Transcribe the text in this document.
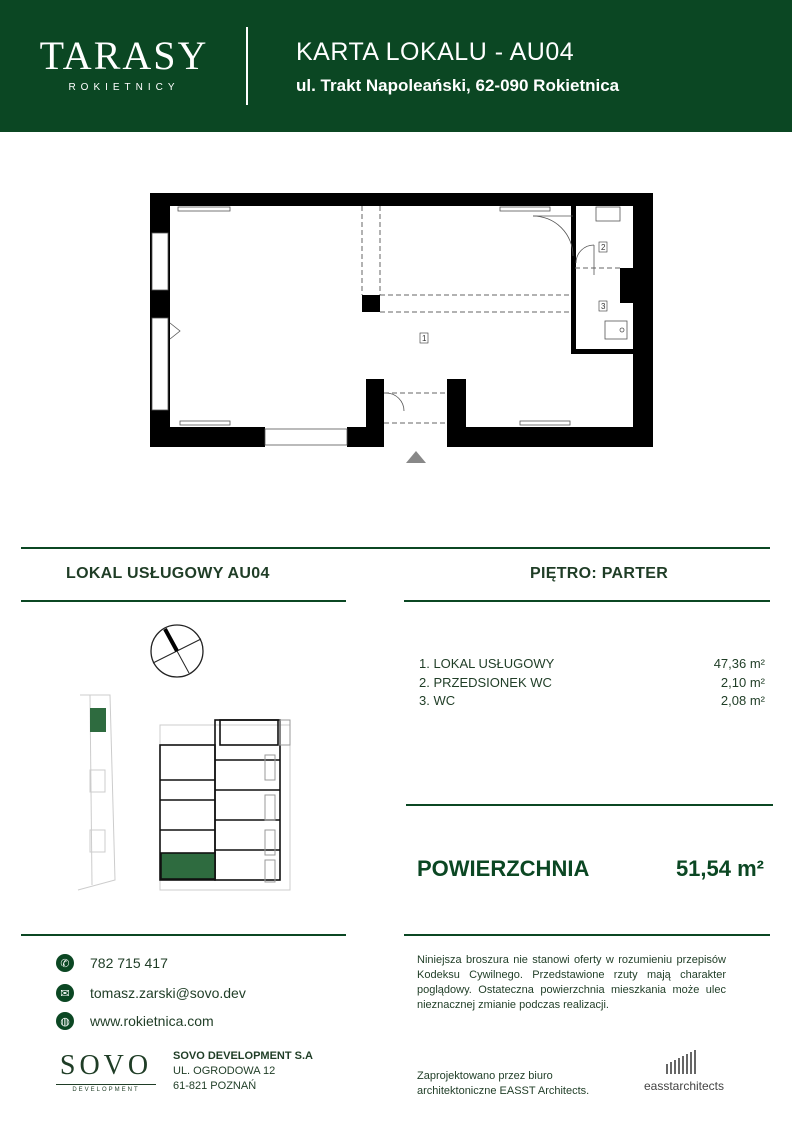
TARASY
ROKIETNICY
KARTA LOKALU - AU04
ul. Trakt Napoleański, 62-090 Rokietnica
1
2
3
LOKAL USŁUGOWY AU04	PIĘTRO: PARTER
1. LOKAL USŁUGOWY	47,36 m²
2. PRZEDSIONEK WC	2,10 m²
3. WC	2,08 m²
POWIERZCHNIA	51,54 m²
✆	782 715 417
✉	tomasz.zarski@sovo.dev
◍	www.rokietnica.com
SOVO
DEVELOPMENT
SOVO DEVELOPMENT S.A
UL. OGRODOWA 12
61-821 POZNAŃ
Niniejsza broszura nie stanowi oferty w rozumieniu przepisów Kodeksu Cywilnego. Przedstawione rzuty mają charakter poglądowy. Ostateczna powierzchnia mieszkania może ulec nieznacznej zmianie podczas realizacji.
Zaprojektowano przez biuro architektoniczne EASST Architects.	easstarchitects
